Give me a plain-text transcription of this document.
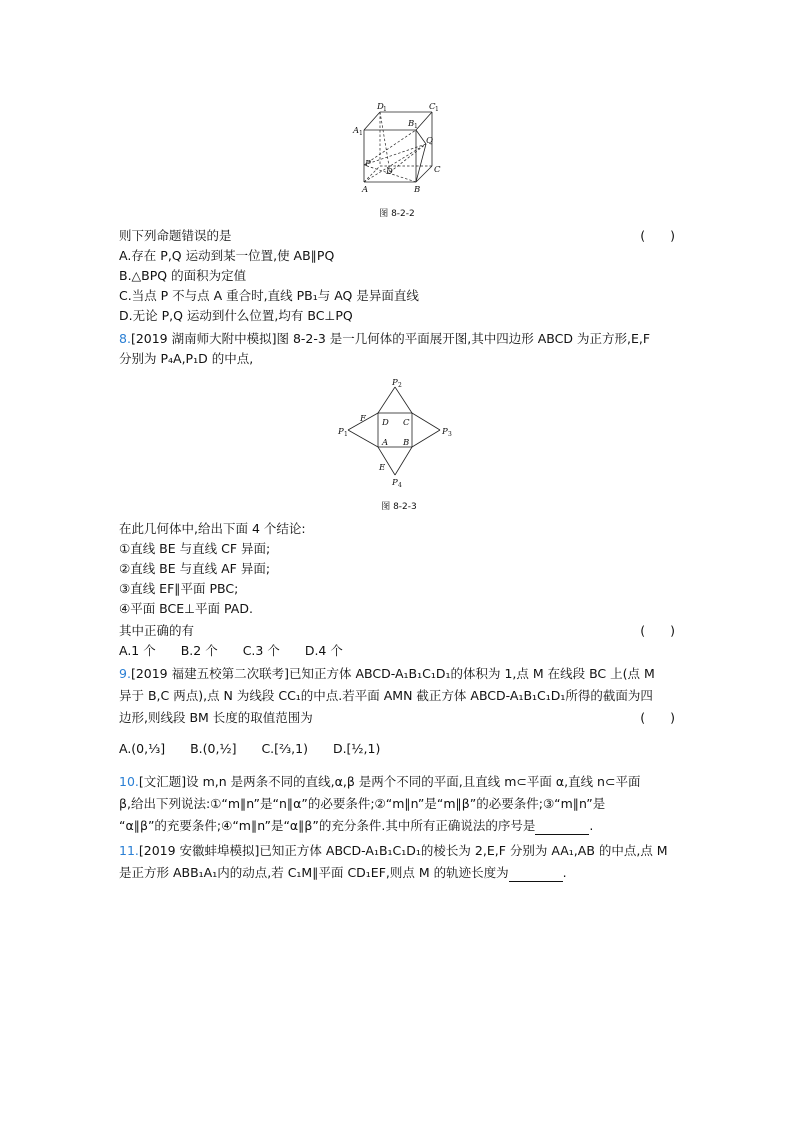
D 1	C 1
A 1
B 1
Q
P
D	C
A	B
图 8-2-2
则下列命题错误的是	(　　)
A.存在 P,Q 运动到某一位置,使 AB∥PQ
B.△BPQ 的面积为定值
C.当点 P 不与点 A 重合时,直线 PB₁与 AQ 是异面直线
D.无论 P,Q 运动到什么位置,均有 BC⊥PQ
8.[2019 湖南师大附中模拟]图 8-2-3 是一几何体的平面展开图,其中四边形 ABCD 为正方形,E,F
分别为 P₄A,P₁D 的中点,
P 2
P 1	P 3
P 4
F D C
A B
E
图 8-2-3
在此几何体中,给出下面 4 个结论:
①直线 BE 与直线 CF 异面;
②直线 BE 与直线 AF 异面;
③直线 EF∥平面 PBC;
④平面 BCE⊥平面 PAD.
其中正确的有	(　　)
A.1 个　　B.2 个　　C.3 个　　D.4 个
9.[2019 福建五校第二次联考]已知正方体 ABCD-A₁B₁C₁D₁的体积为 1,点 M 在线段 BC 上(点 M
异于 B,C 两点),点 N 为线段 CC₁的中点.若平面 AMN 截正方体 ABCD-A₁B₁C₁D₁所得的截面为四
边形,则线段 BM 长度的取值范围为	(　　)
A.(0,⅓]　　B.(0,½]　　C.[⅔,1)　　D.[½,1)
10.[文汇题]设 m,n 是两条不同的直线,α,β 是两个不同的平面,且直线 m⊂平面 α,直线 n⊂平面
β,给出下列说法:①“m∥n”是“n∥α”的必要条件;②“m∥n”是“m∥β”的必要条件;③“m∥n”是
“α∥β”的充要条件;④“m∥n”是“α∥β”的充分条件.其中所有正确说法的序号是	.
11.[2019 安徽蚌埠模拟]已知正方体 ABCD-A₁B₁C₁D₁的棱长为 2,E,F 分别为 AA₁,AB 的中点,点 M
是正方形 ABB₁A₁内的动点,若 C₁M∥平面 CD₁EF,则点 M 的轨迹长度为	.
